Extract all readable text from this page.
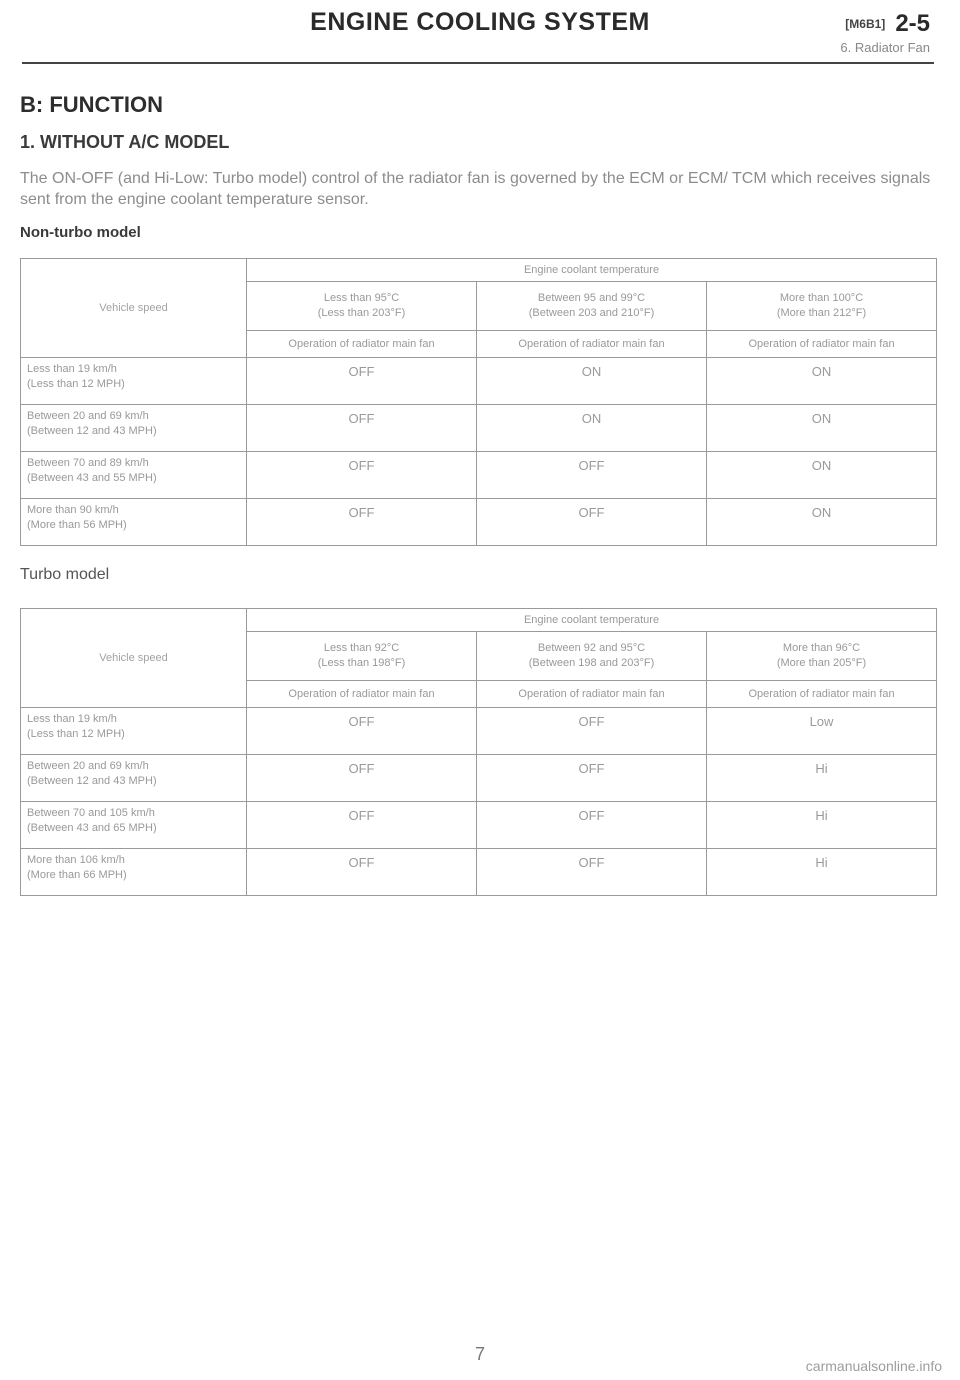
ENGINE COOLING SYSTEM	[M6B1] 2-5
6. Radiator Fan
B: FUNCTION
1. WITHOUT A/C MODEL
The ON-OFF (and Hi-Low: Turbo model) control of the radiator fan is governed by the ECM or ECM/ TCM which receives signals sent from the engine coolant temperature sensor.
Non-turbo model
Vehicle speed	Engine coolant temperature		
	Less than 95°C
(Less than 203°F)	Between 95 and 99°C
(Between 203 and 210°F)	More than 100°C
(More than 212°F)
	Operation of radiator main fan	Operation of radiator main fan	Operation of radiator main fan
Less than 19 km/h
(Less than 12 MPH)	OFF	ON	ON
Between 20 and 69 km/h
(Between 12 and 43 MPH)	OFF	ON	ON
Between 70 and 89 km/h
(Between 43 and 55 MPH)	OFF	OFF	ON
More than 90 km/h
(More than 56 MPH)	OFF	OFF	ON
Turbo model
Vehicle speed	Engine coolant temperature		
	Less than 92°C
(Less than 198°F)	Between 92 and 95°C
(Between 198 and 203°F)	More than 96°C
(More than 205°F)
	Operation of radiator main fan	Operation of radiator main fan	Operation of radiator main fan
Less than 19 km/h
(Less than 12 MPH)	OFF	OFF	Low
Between 20 and 69 km/h
(Between 12 and 43 MPH)	OFF	OFF	Hi
Between 70 and 105 km/h
(Between 43 and 65 MPH)	OFF	OFF	Hi
More than 106 km/h
(More than 66 MPH)	OFF	OFF	Hi
7
carmanualsonline.info
